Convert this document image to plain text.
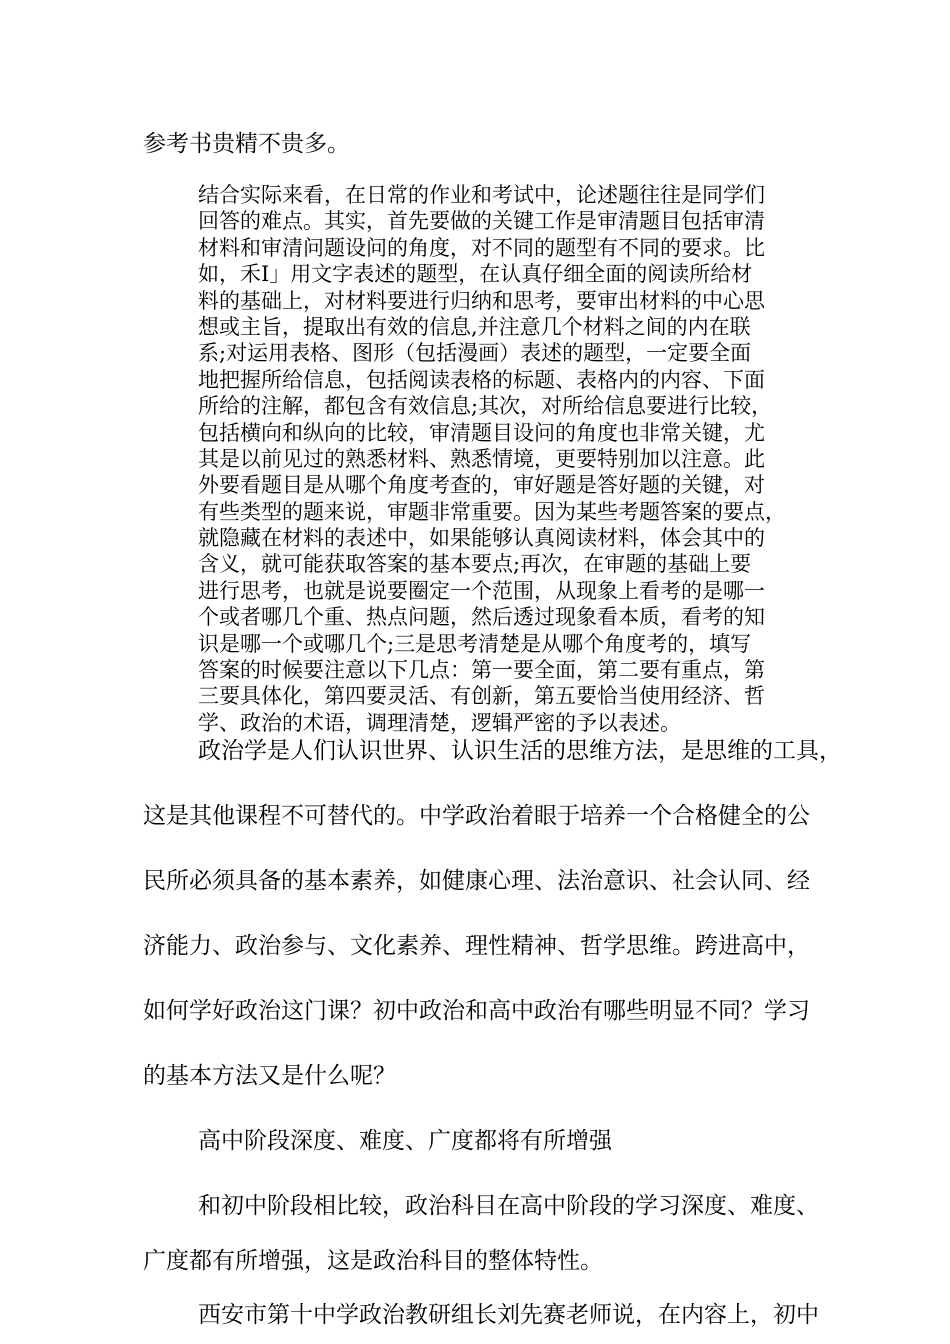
参考书贵精不贵多。
结合实际来看，在日常的作业和考试中，论述题往往是同学们
回答的难点。其实，首先要做的关键工作是审清题目包括审清
材料和审清问题设问的角度，对不同的题型有不同的要求。比
如，禾I」用文字表述的题型，在认真仔细全面的阅读所给材
料的基础上，对材料要进行归纳和思考，要审出材料的中心思
想或主旨，提取出有效的信息,并注意几个材料之间的内在联
系;对运用表格、图形（包括漫画）表述的题型，一定要全面
地把握所给信息，包括阅读表格的标题、表格内的内容、下面
所给的注解，都包含有效信息;其次，对所给信息要进行比较，
包括横向和纵向的比较，审清题目设问的角度也非常关键，尤
其是以前见过的熟悉材料、熟悉情境，更要特别加以注意。此
外要看题目是从哪个角度考查的，审好题是答好题的关键，对
有些类型的题来说，审题非常重要。因为某些考题答案的要点，
就隐藏在材料的表述中，如果能够认真阅读材料，体会其中的
含义，就可能获取答案的基本要点;再次，在审题的基础上要
进行思考，也就是说要圈定一个范围，从现象上看考的是哪一
个或者哪几个重、热点问题，然后透过现象看本质，看考的知
识是哪一个或哪几个;三是思考清楚是从哪个角度考的，填写
答案的时候要注意以下几点：第一要全面，第二要有重点，第
三要具体化，第四要灵活、有创新，第五要恰当使用经济、哲
学、政治的术语，调理清楚，逻辑严密的予以表述。
政治学是人们认识世界、认识生活的思维方法，是思维的工具，
这是其他课程不可替代的。中学政治着眼于培养一个合格健全的公
民所必须具备的基本素养，如健康心理、法治意识、社会认同、经
济能力、政治参与、文化素养、理性精神、哲学思维。跨进高中，
如何学好政治这门课？初中政治和高中政治有哪些明显不同？学习
的基本方法又是什么呢？
高中阶段深度、难度、广度都将有所增强
和初中阶段相比较，政治科目在高中阶段的学习深度、难度、
广度都有所增强，这是政治科目的整体特性。
西安市第十中学政治教研组长刘先赛老师说，在内容上，初中
